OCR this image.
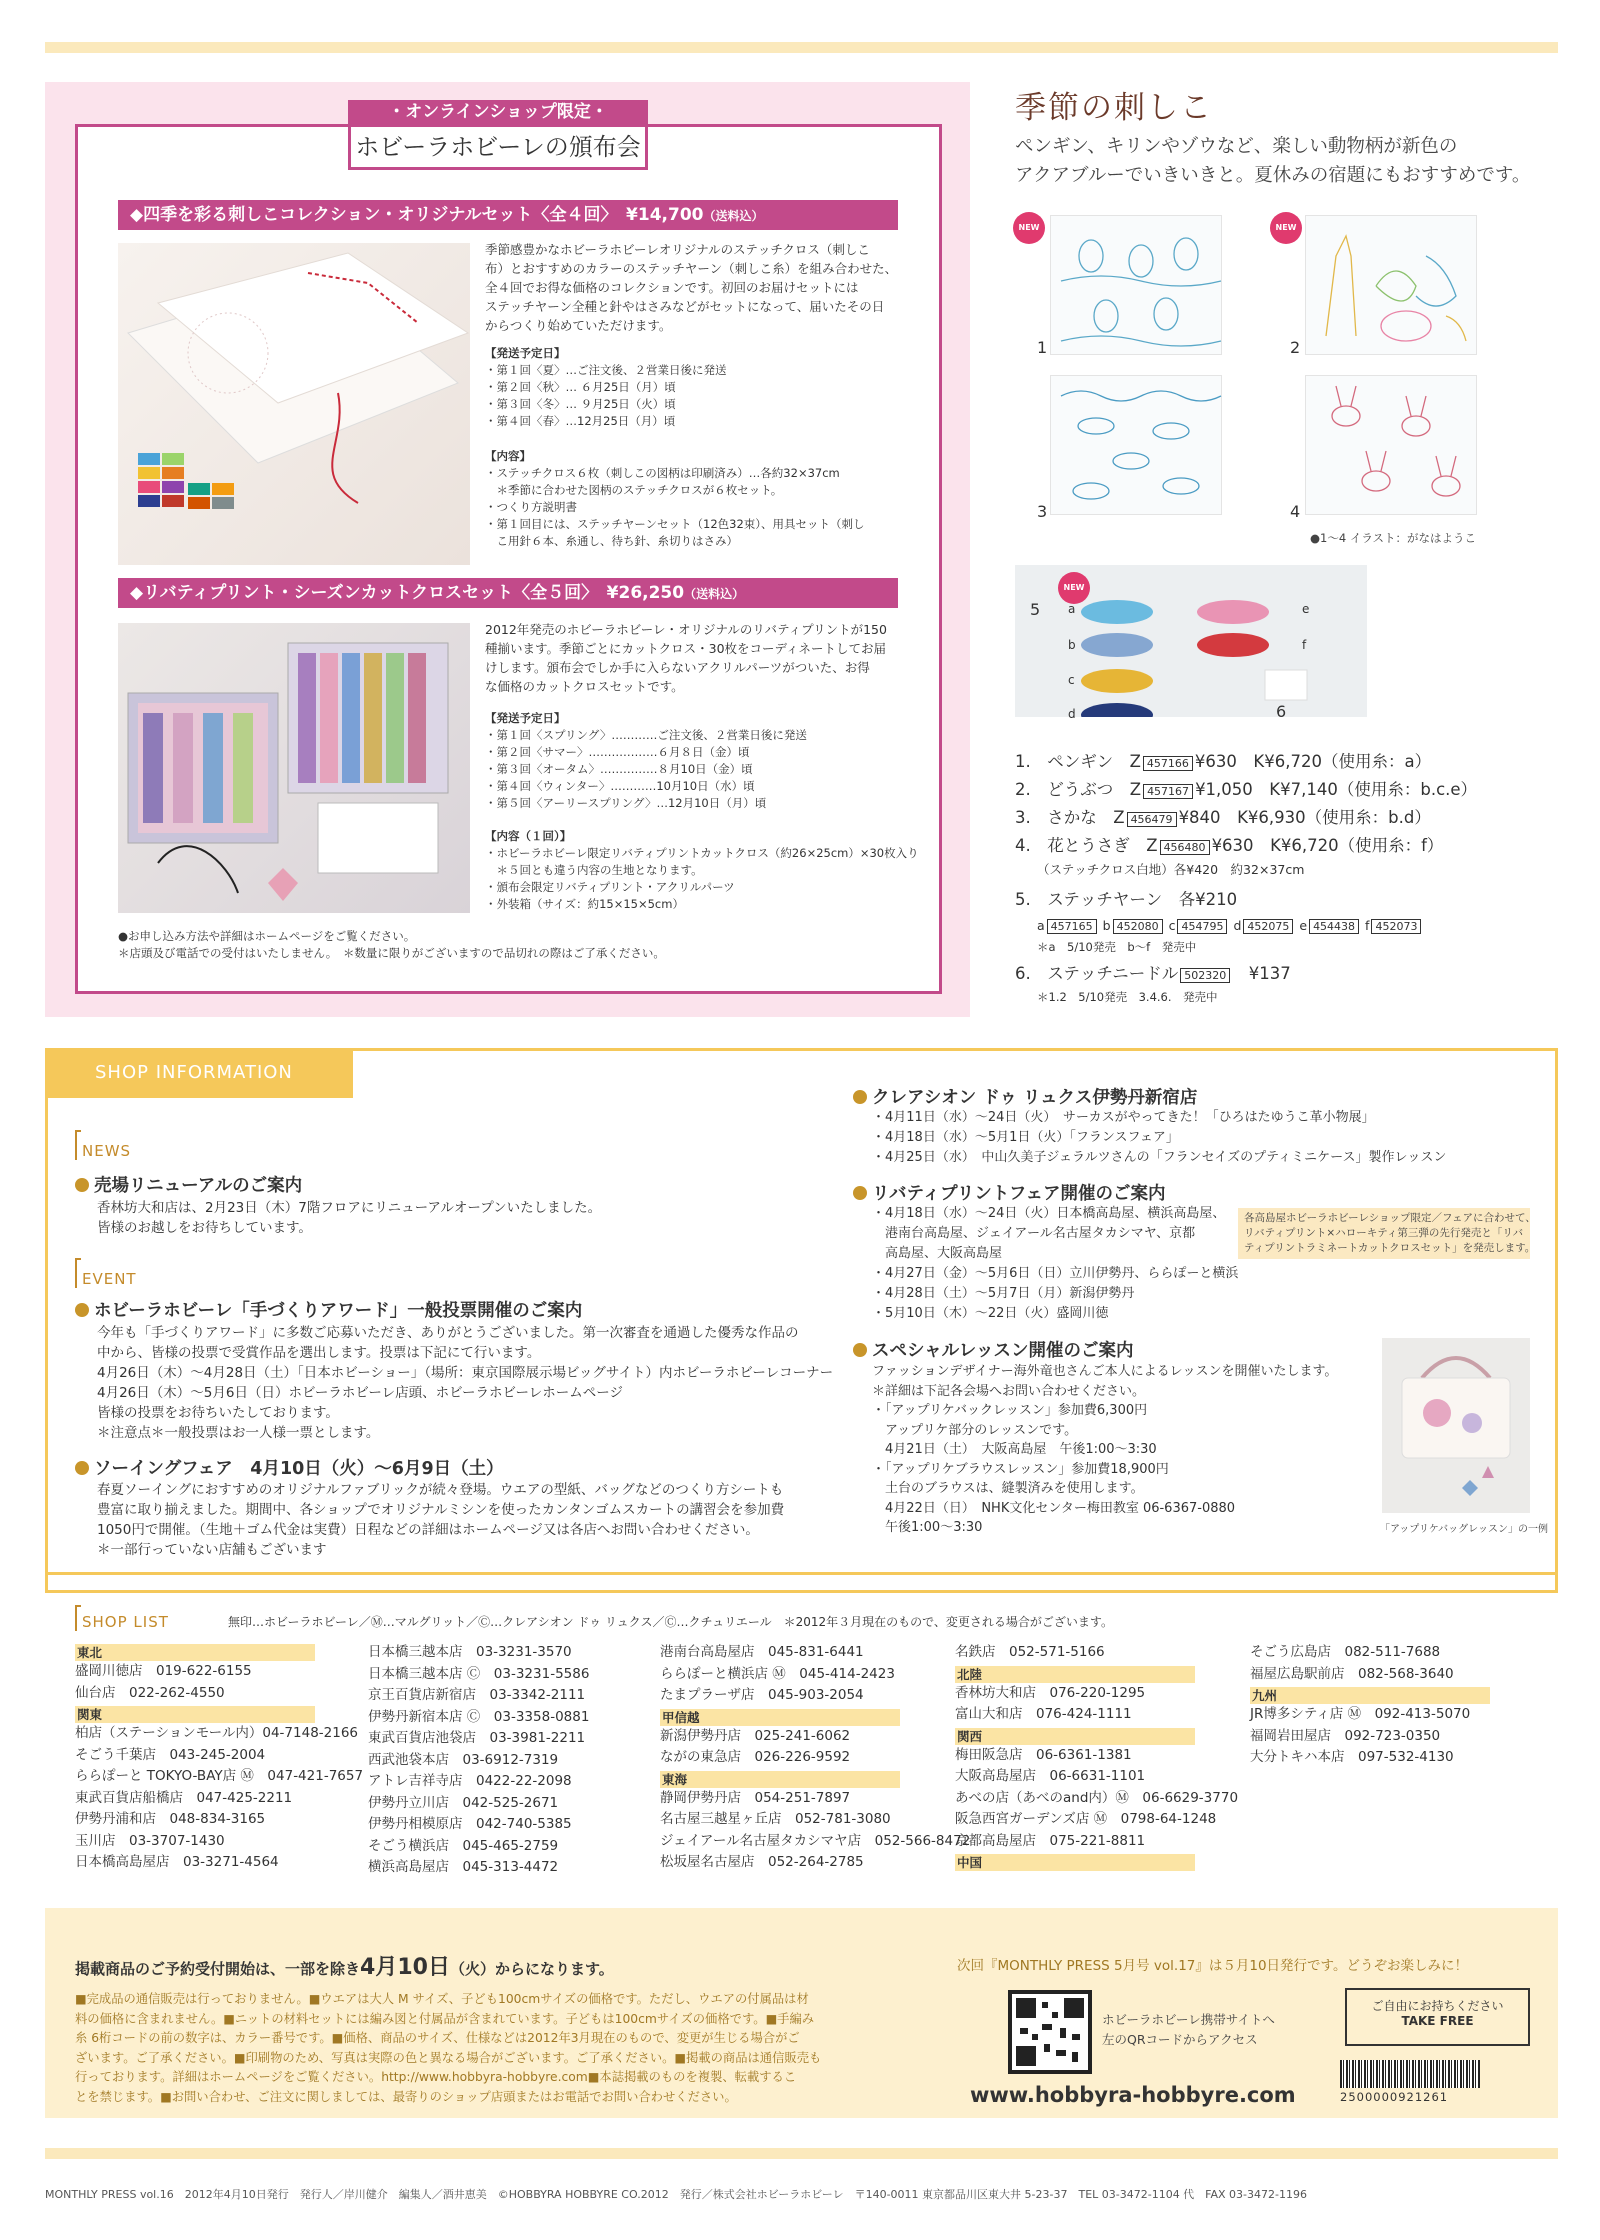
・オンラインショップ限定・
ホビーラホビーレの頒布会
◆四季を彩る刺しこコレクション・オリジナルセット〈全４回〉　¥14,700（送料込）
季節感豊かなホビーラホビーレオリジナルのステッチクロス（刺しこ
布）とおすすめのカラーのステッチヤーン（刺しこ糸）を組み合わせた、
全４回でお得な価格のコレクションです。初回のお届けセットには
ステッチヤーン全種と針やはさみなどがセットになって、届いたその日
からつくり始めていただけます。
【発送予定日】
・第１回〈夏〉…ご注文後、２営業日後に発送
・第２回〈秋〉… ６月25日（月）頃
・第３回〈冬〉… ９月25日（火）頃
・第４回〈春〉…12月25日（月）頃
【内容】
・ステッチクロス６枚（刺しこの図柄は印刷済み）…各約32×37cm
　＊季節に合わせた図柄のステッチクロスが６枚セット。
・つくり方説明書
・第１回目には、ステッチヤーンセット（12色32束）、用具セット（刺し
　こ用針６本、糸通し、待ち針、糸切りはさみ）
◆リバティプリント・シーズンカットクロスセット〈全５回〉　¥26,250（送料込）
2012年発売のホビーラホビーレ・オリジナルのリバティプリントが150
種揃います。季節ごとにカットクロス・30枚をコーディネートしてお届
けします。頒布会でしか手に入らないアクリルパーツがついた、お得
な価格のカットクロスセットです。
【発送予定日】
・第１回〈スプリング〉…………ご注文後、２営業日後に発送
・第２回〈サマー〉………………６月８日（金）頃
・第３回〈オータム〉……………８月10日（金）頃
・第４回〈ウィンター〉…………10月10日（水）頃
・第５回〈アーリースプリング〉…12月10日（月）頃
【内容（１回）】
・ホビーラホビーレ限定リバティプリントカットクロス（約26×25cm）×30枚入り
　＊５回とも違う内容の生地となります。
・頒布会限定リバティプリント・アクリルパーツ
・外装箱（サイズ：約15×15×5cm）
●お申し込み方法や詳細はホームページをご覧ください。
＊店頭及び電話での受付はいたしません。　＊数量に限りがございますので品切れの際はご了承ください。
季節の刺しこ
ペンギン、キリンやゾウなど、楽しい動物柄が新色の
アクアブルーでいきいきと。夏休みの宿題にもおすすめです。
NEW
1
NEW
2
3	4
●1〜4 イラスト：がなはようこ
NEW
5
6
a
b
c
d
e
f
1.　 ペンギン　 Z 457166 ¥630　 K¥6,720（使用糸：a）
2.　 どうぶつ　 Z 457167 ¥1,050　 K¥7,140（使用糸：b.c.e）
3.　 さかな　 Z 456479 ¥840　 K¥6,930（使用糸：b.d）
4.　 花とうさぎ　 Z 456480 ¥630　 K¥6,720（使用糸：f）
（ステッチクロス白地）各¥420　約32×37cm
5.　ステッチヤーン　各¥210
a 457165 b 452080 c 454795 d 452075 e 454438 f 452073
＊a　5/10発売　b〜f　発売中
6.　ステッチニードル 502320　 ¥137
＊1.2　5/10発売　3.4.6.　発売中
SHOP INFORMATION
NEWS
売場リニューアルのご案内
香林坊大和店は、2月23日（木）7階フロアにリニューアルオープンいたしました。
皆様のお越しをお待ちしています。
EVENT
ホビーラホビーレ「手づくりアワード」一般投票開催のご案内
今年も「手づくりアワード」に多数ご応募いただき、ありがとうございました。第一次審査を通過した優秀な作品の
中から、皆様の投票で受賞作品を選出します。投票は下記にて行います。
4月26日（木）〜4月28日（土）「日本ホビーショー」（場所：東京国際展示場ビッグサイト）内ホビーラホビーレコーナー
4月26日（木）〜5月6日（日）ホビーラホビーレ店頭、ホビーラホビーレホームページ
皆様の投票をお待ちいたしております。
＊注意点＊一般投票はお一人様一票とします。
ソーイングフェア　4月10日（火）〜6月9日（土）
春夏ソーイングにおすすめのオリジナルファブリックが続々登場。ウエアの型紙、バッグなどのつくり方シートも
豊富に取り揃えました。期間中、各ショップでオリジナルミシンを使ったカンタンゴムスカートの講習会を参加費
1050円で開催。（生地＋ゴム代金は実費）日程などの詳細はホームページ又は各店へお問い合わせください。
＊一部行っていない店舗もございます
クレアシオン ドゥ リュクス伊勢丹新宿店
・4月11日（水）〜24日（火）　サーカスがやってきた！「ひろはたゆうこ革小物展」
・4月18日（水）〜5月1日（火）「フランスフェア」
・4月25日（水）　中山久美子ジェラルツさんの「フランセイズのプティミニケース」製作レッスン
リバティプリントフェア開催のご案内
・4月18日（水）〜24日（火）日本橋高島屋、横浜高島屋、
　港南台高島屋、ジェイアール名古屋タカシマヤ、京都
　高島屋、大阪高島屋
・4月27日（金）〜5月6日（日）立川伊勢丹、ららぽーと横浜
・4月28日（土）〜5月7日（月）新潟伊勢丹
・5月10日（木）〜22日（火）盛岡川徳
各高島屋ホビーラホビーレショップ限定／フェアに合わせて、
リバティプリント×ハローキティ第三弾の先行発売と「リバ
ティプリントラミネートカットクロスセット」を発売します。
スペシャルレッスン開催のご案内
ファッションデザイナー海外竜也さんご本人によるレッスンを開催いたします。
＊詳細は下記各会場へお問い合わせください。
・「アップリケバックレッスン」参加費6,300円
　アップリケ部分のレッスンです。
　4月21日（土）　大阪高島屋　午後1:00〜3:30
・「アップリケブラウスレッスン」参加費18,900円
　土台のブラウスは、縫製済みを使用します。
　4月22日（日）　NHK文化センター梅田教室 06-6367-0880
　午後1:00〜3:30	「アップリケバッグレッスン」の一例
SHOP LIST	無印…ホビーラホビーレ／Ⓜ…マルグリット／Ⓒ…クレアシオン ドゥ リュクス／Ⓒ…クチュリエール　＊2012年３月現在のもので、変更される場合がございます。
東北
盛岡川徳店　019-622-6155
仙台店　022-262-4550
関東
柏店（ステーションモール内）04-7148-2166
そごう千葉店　043-245-2004
ららぽーと TOKYO-BAY店 Ⓜ　047-421-7657
東武百貨店船橋店　047-425-2211
伊勢丹浦和店　048-834-3165
玉川店　03-3707-1430
日本橋高島屋店　03-3271-4564
日本橋三越本店　03-3231-3570
日本橋三越本店 Ⓒ　03-3231-5586
京王百貨店新宿店　03-3342-2111
伊勢丹新宿本店 Ⓒ　03-3358-0881
東武百貨店池袋店　03-3981-2211
西武池袋本店　03-6912-7319
アトレ吉祥寺店　0422-22-2098
伊勢丹立川店　042-525-2671
伊勢丹相模原店　042-740-5385
そごう横浜店　045-465-2759
横浜高島屋店　045-313-4472
港南台高島屋店　045-831-6441
ららぽーと横浜店 Ⓜ　045-414-2423
たまプラーザ店　045-903-2054
甲信越
新潟伊勢丹店　025-241-6062
ながの東急店　026-226-9592
東海
静岡伊勢丹店　054-251-7897
名古屋三越星ヶ丘店　052-781-3080
ジェイアール名古屋タカシマヤ店　052-566-8472
松坂屋名古屋店　052-264-2785
名鉄店　052-571-5166
北陸
香林坊大和店　076-220-1295
富山大和店　076-424-1111
関西
梅田阪急店　06-6361-1381
大阪高島屋店　06-6631-1101
あべの店（あべのand内）Ⓜ　06-6629-3770
阪急西宮ガーデンズ店 Ⓜ　0798-64-1248
京都高島屋店　075-221-8811
中国
そごう広島店　082-511-7688
福屋広島駅前店　082-568-3640
九州
JR博多シティ店 Ⓜ　092-413-5070
福岡岩田屋店　092-723-0350
大分トキハ本店　097-532-4130
掲載商品のご予約受付開始は、一部を除き4月10日（火）からになります。	次回『MONTHLY PRESS 5月号 vol.17』は５月10日発行です。どうぞお楽しみに！
■完成品の通信販売は行っておりません。■ウエアは大人 M サイズ、子ども100cmサイズの価格です。ただし、ウエアの付属品は材
料の価格に含まれません。■ニットの材料セットには編み図と付属品が含まれています。子どもは100cmサイズの価格です。■手編み
糸 6桁コードの前の数字は、カラー番号です。■価格、商品のサイズ、仕様などは2012年3月現在のもので、変更が生じる場合がご
ざいます。ご了承ください。■印刷物のため、写真は実際の色と異なる場合がございます。ご了承ください。■掲載の商品は通信販売も
行っております。詳細はホームページをご覧ください。http://www.hobbyra-hobbyre.com■本誌掲載のものを複製、転載するこ
とを禁じます。■お問い合わせ、ご注文に関しましては、最寄りのショップ店頭またはお電話でお問い合わせください。
ホビーラホビーレ携帯サイトへ
左のQRコードからアクセス
www.hobbyra-hobbyre.com
ご自由にお持ちください
TAKE FREE
2500000921261
MONTHLY PRESS vol.16　2012年4月10日発行　発行人／岸川健介　編集人／酒井恵美　©HOBBYRA HOBBYRE CO.2012　発行／株式会社ホビーラホビーレ　〒140-0011 東京都品川区東大井 5-23-37　TEL 03-3472-1104 代　FAX 03-3472-1196
